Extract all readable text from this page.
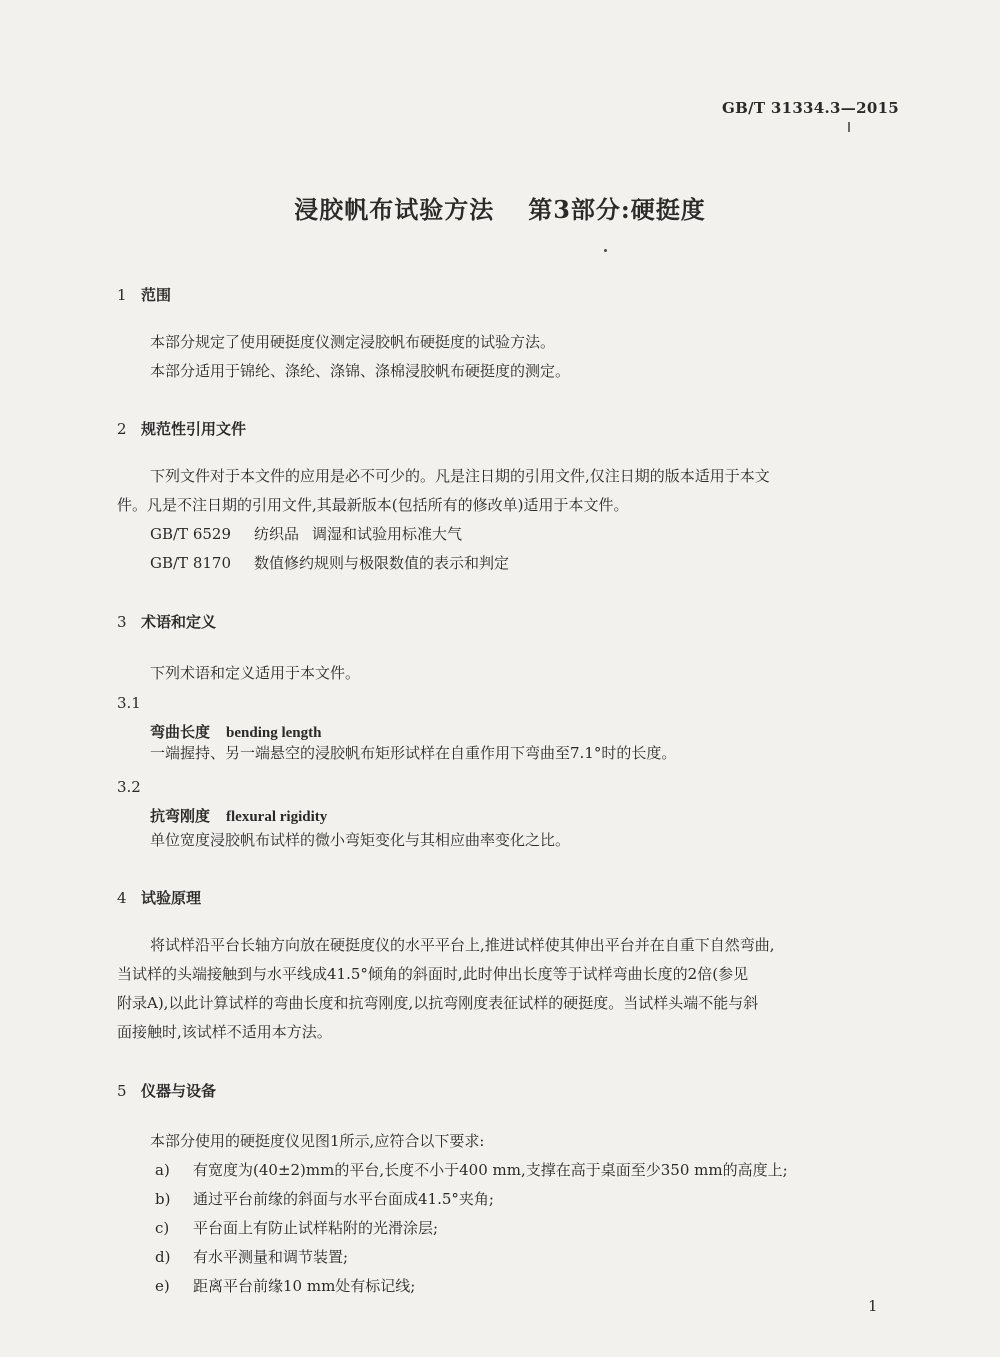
GB/T 31334.3—2015
浸胶帆布试验方法 第3部分:硬挺度
1 范围
本部分规定了使用硬挺度仪测定浸胶帆布硬挺度的试验方法。
本部分适用于锦纶、涤纶、涤锦、涤棉浸胶帆布硬挺度的测定。
2 规范性引用文件
下列文件对于本文件的应用是必不可少的。凡是注日期的引用文件,仅注日期的版本适用于本文
件。凡是不注日期的引用文件,其最新版本(包括所有的修改单)适用于本文件。
GB/T 6529 纺织品 调湿和试验用标准大气
GB/T 8170 数值修约规则与极限数值的表示和判定
3 术语和定义
下列术语和定义适用于本文件。
3.1
弯曲长度 bending length
一端握持、另一端悬空的浸胶帆布矩形试样在自重作用下弯曲至7.1°时的长度。
3.2
抗弯刚度 flexural rigidity
单位宽度浸胶帆布试样的微小弯矩变化与其相应曲率变化之比。
4 试验原理
将试样沿平台长轴方向放在硬挺度仪的水平平台上,推进试样使其伸出平台并在自重下自然弯曲,
当试样的头端接触到与水平线成41.5°倾角的斜面时,此时伸出长度等于试样弯曲长度的2倍(参见
附录A),以此计算试样的弯曲长度和抗弯刚度,以抗弯刚度表征试样的硬挺度。当试样头端不能与斜
面接触时,该试样不适用本方法。
5 仪器与设备
本部分使用的硬挺度仪见图1所示,应符合以下要求:
a) 有宽度为(40±2)mm的平台,长度不小于400 mm,支撑在高于桌面至少350 mm的高度上;
b) 通过平台前缘的斜面与水平台面成41.5°夹角;
c) 平台面上有防止试样粘附的光滑涂层;
d) 有水平测量和调节装置;
e) 距离平台前缘10 mm处有标记线;
1
